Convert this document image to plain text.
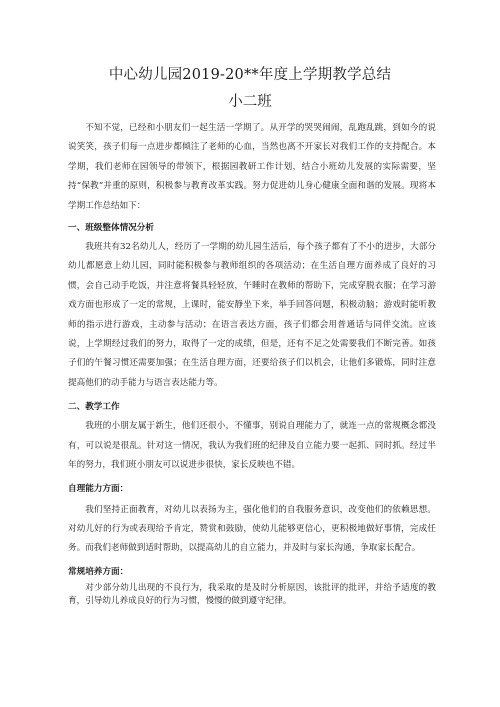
中心幼儿园2019-20**年度上学期教学总结
小二班

不知不觉，已经和小朋友们一起生活一学期了。从开学的哭哭闹闹，乱跑乱跳，到如今的说说笑笑，孩子们每一点进步都倾注了老师的心血，当然也离不开家长对我们工作的支持配合。本学期，我们老师在园领导的带领下，根据园教研工作计划，结合小班幼儿发展的实际需要，坚持“保教”并重的原则，积极参与教育改革实践。努力促进幼儿身心健康全面和谐的发展。现将本学期工作总结如下：

一、班级整体情况分析

我班共有32名幼儿人，经历了一学期的幼儿园生活后，每个孩子都有了不小的进步，大部分幼儿都愿意上幼儿园，同时能积极参与教师组织的各项活动；在生活自理方面养成了良好的习惯，会自己动手吃饭，并注意将餐具轻轻放，午睡时在教师的帮助下，完成穿脱衣服；在学习游戏方面也形成了一定的常规，上课时，能安静坐下来，举手回答问题，积极动脑；游戏时能听教师的指示进行游戏，主动参与活动；在语言表达方面，孩子们都会用普通话与同伴交流。应该说，上学期经过我们的努力，取得了一定的成绩，但是，还有不足之处需要我们不断完善。如孩子们的午餐习惯还需要加强；在生活自理方面，还要给孩子们以机会，让他们多锻炼，同时注意提高他们的动手能力与语言表达能力等。

二、教学工作

我班的小朋友属于新生，他们还很小，不懂事，别说自理能力了，就连一点的常规概念都没有，可以说是很乱。针对这一情况，我认为我们班的纪律及自立能力要一起抓、同时抓。经过半年的努力，我们班小朋友可以说进步很快，家长反映也不错。

自理能力方面：

我们坚持正面教育，对幼儿以表扬为主，强化他们的自我服务意识，改变他们的依赖思想。对幼儿好的行为或表现给予肯定，赞赏和鼓励，使幼儿能够更信心，更积极地做好事情，完成任务。而我们老师做到适时帮助，以提高幼儿的自立能力，并及时与家长沟通，争取家长配合。

常规培养方面：

对少部分幼儿出现的不良行为，我采取的是及时分析原因，该批评的批评，并给予适度的教育，引导幼儿养成良好的行为习惯，慢慢的做到遵守纪律。
